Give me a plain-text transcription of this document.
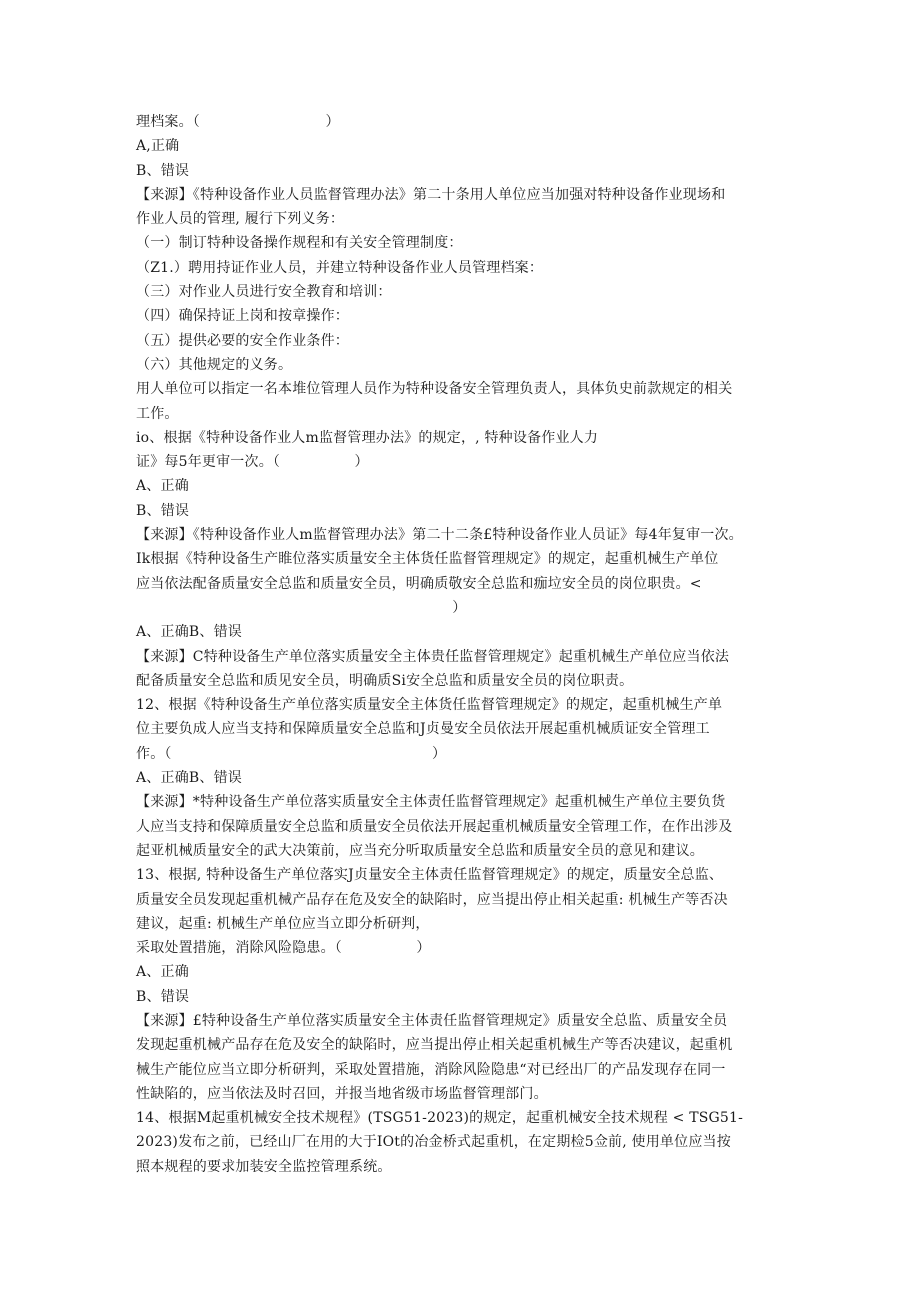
理档案。（                           ）
A,正确
B、错误
【来源】《特种设备作业人员监督管理办法》第二十条用人单位应当加强对特种设备作业现场和
作业人员的管理, 履行下列义务：
（一）制订特种设备操作规程和有关安全管理制度：
（Z1.）聘用持证作业人员，并建立特种设备作业人员管理档案：
（三）对作业人员进行安全教育和培训：
（四）确保持证上岗和按章操作：
（五）提供必要的安全作业条件：
（六）其他规定的义务。
用人单位可以指定一名本堆位管理人员作为特种设备安全管理负责人，具体负史前款规定的相关
工作。
io、根据《特种设备作业人m监督管理办法》的规定，, 特种设备作业人力
证》每5年更审一次。（                ）
A、正确
B、错误
【来源】《特种设备作业人m监督管理办法》第二十二条£特种设备作业人员证》每4年复审一次。
Ik根据《特种设备生产睢位落实质量安全主体货任监督管理规定》的规定，起重机械生产单位
应当依法配备质量安全总监和质量安全员，明确质敬安全总监和痂垃安全员的岗位职贵。<
）
A、正确B、错误
【来源】C特种设备生产单位落实质量安全主体贵任监督管理规定》起重机械生产单位应当依法
配备质量安全总监和质见安全员，明确质Si安全总监和质量安全员的岗位职责。
12、根据《特种设备生产单位落实质量安全主体货任监督管理规定》的规定，起重机械生产单
位主要负成人应当支持和保障质量安全总监和J贞曼安全员依法开展起重机械质证安全管理工
作。（                                                        ）
A、正确B、错误
【来源】*特种设备生产单位落实质量安全主体责任监督管理规定》起重机械生产单位主要负货
人应当支持和保障质量安全总监和质量安全员依法开展起重机械质量安全管理工作，在作出涉及
起亚机械质量安全的武大决策前，应当充分听取质量安全总监和质量安全员的意见和建议。
13、根据, 特种设备生产单位落实J贞量安全主体责任监督管理规定》的规定，质量安全总监、
质量安全员发现起重机械产品存在危及安全的缺陷时，应当提出停止相关起重: 机械生产等否决
建议，起重: 机械生产单位应当立即分析研判，
采取处置措施，消除风险隐患。（                ）
A、正确
B、错误
【来源】£特种设备生产单位落实质量安全主体责任监督管理规定》质量安全总监、质量安全员
发现起重机械产品存在危及安全的缺陷时，应当提出停止相关起重机械生产等否决建议，起重机
械生产能位应当立即分析研判，采取处置措施，消除风险隐患“对已经出厂的产品发现存在同一
性缺陷的，应当依法及时召回，并报当地省级市场监督管理部门。
14、根据M起重机械安全技术规程》(TSG51-2023)的规定，起重机械安全技术规程 < TSG51-
2023)发布之前，已经山厂在用的大于IOt的冶金桥式起重机，在定期检5佥前, 使用单位应当按
照本规程的要求加装安全监控管理系统。
